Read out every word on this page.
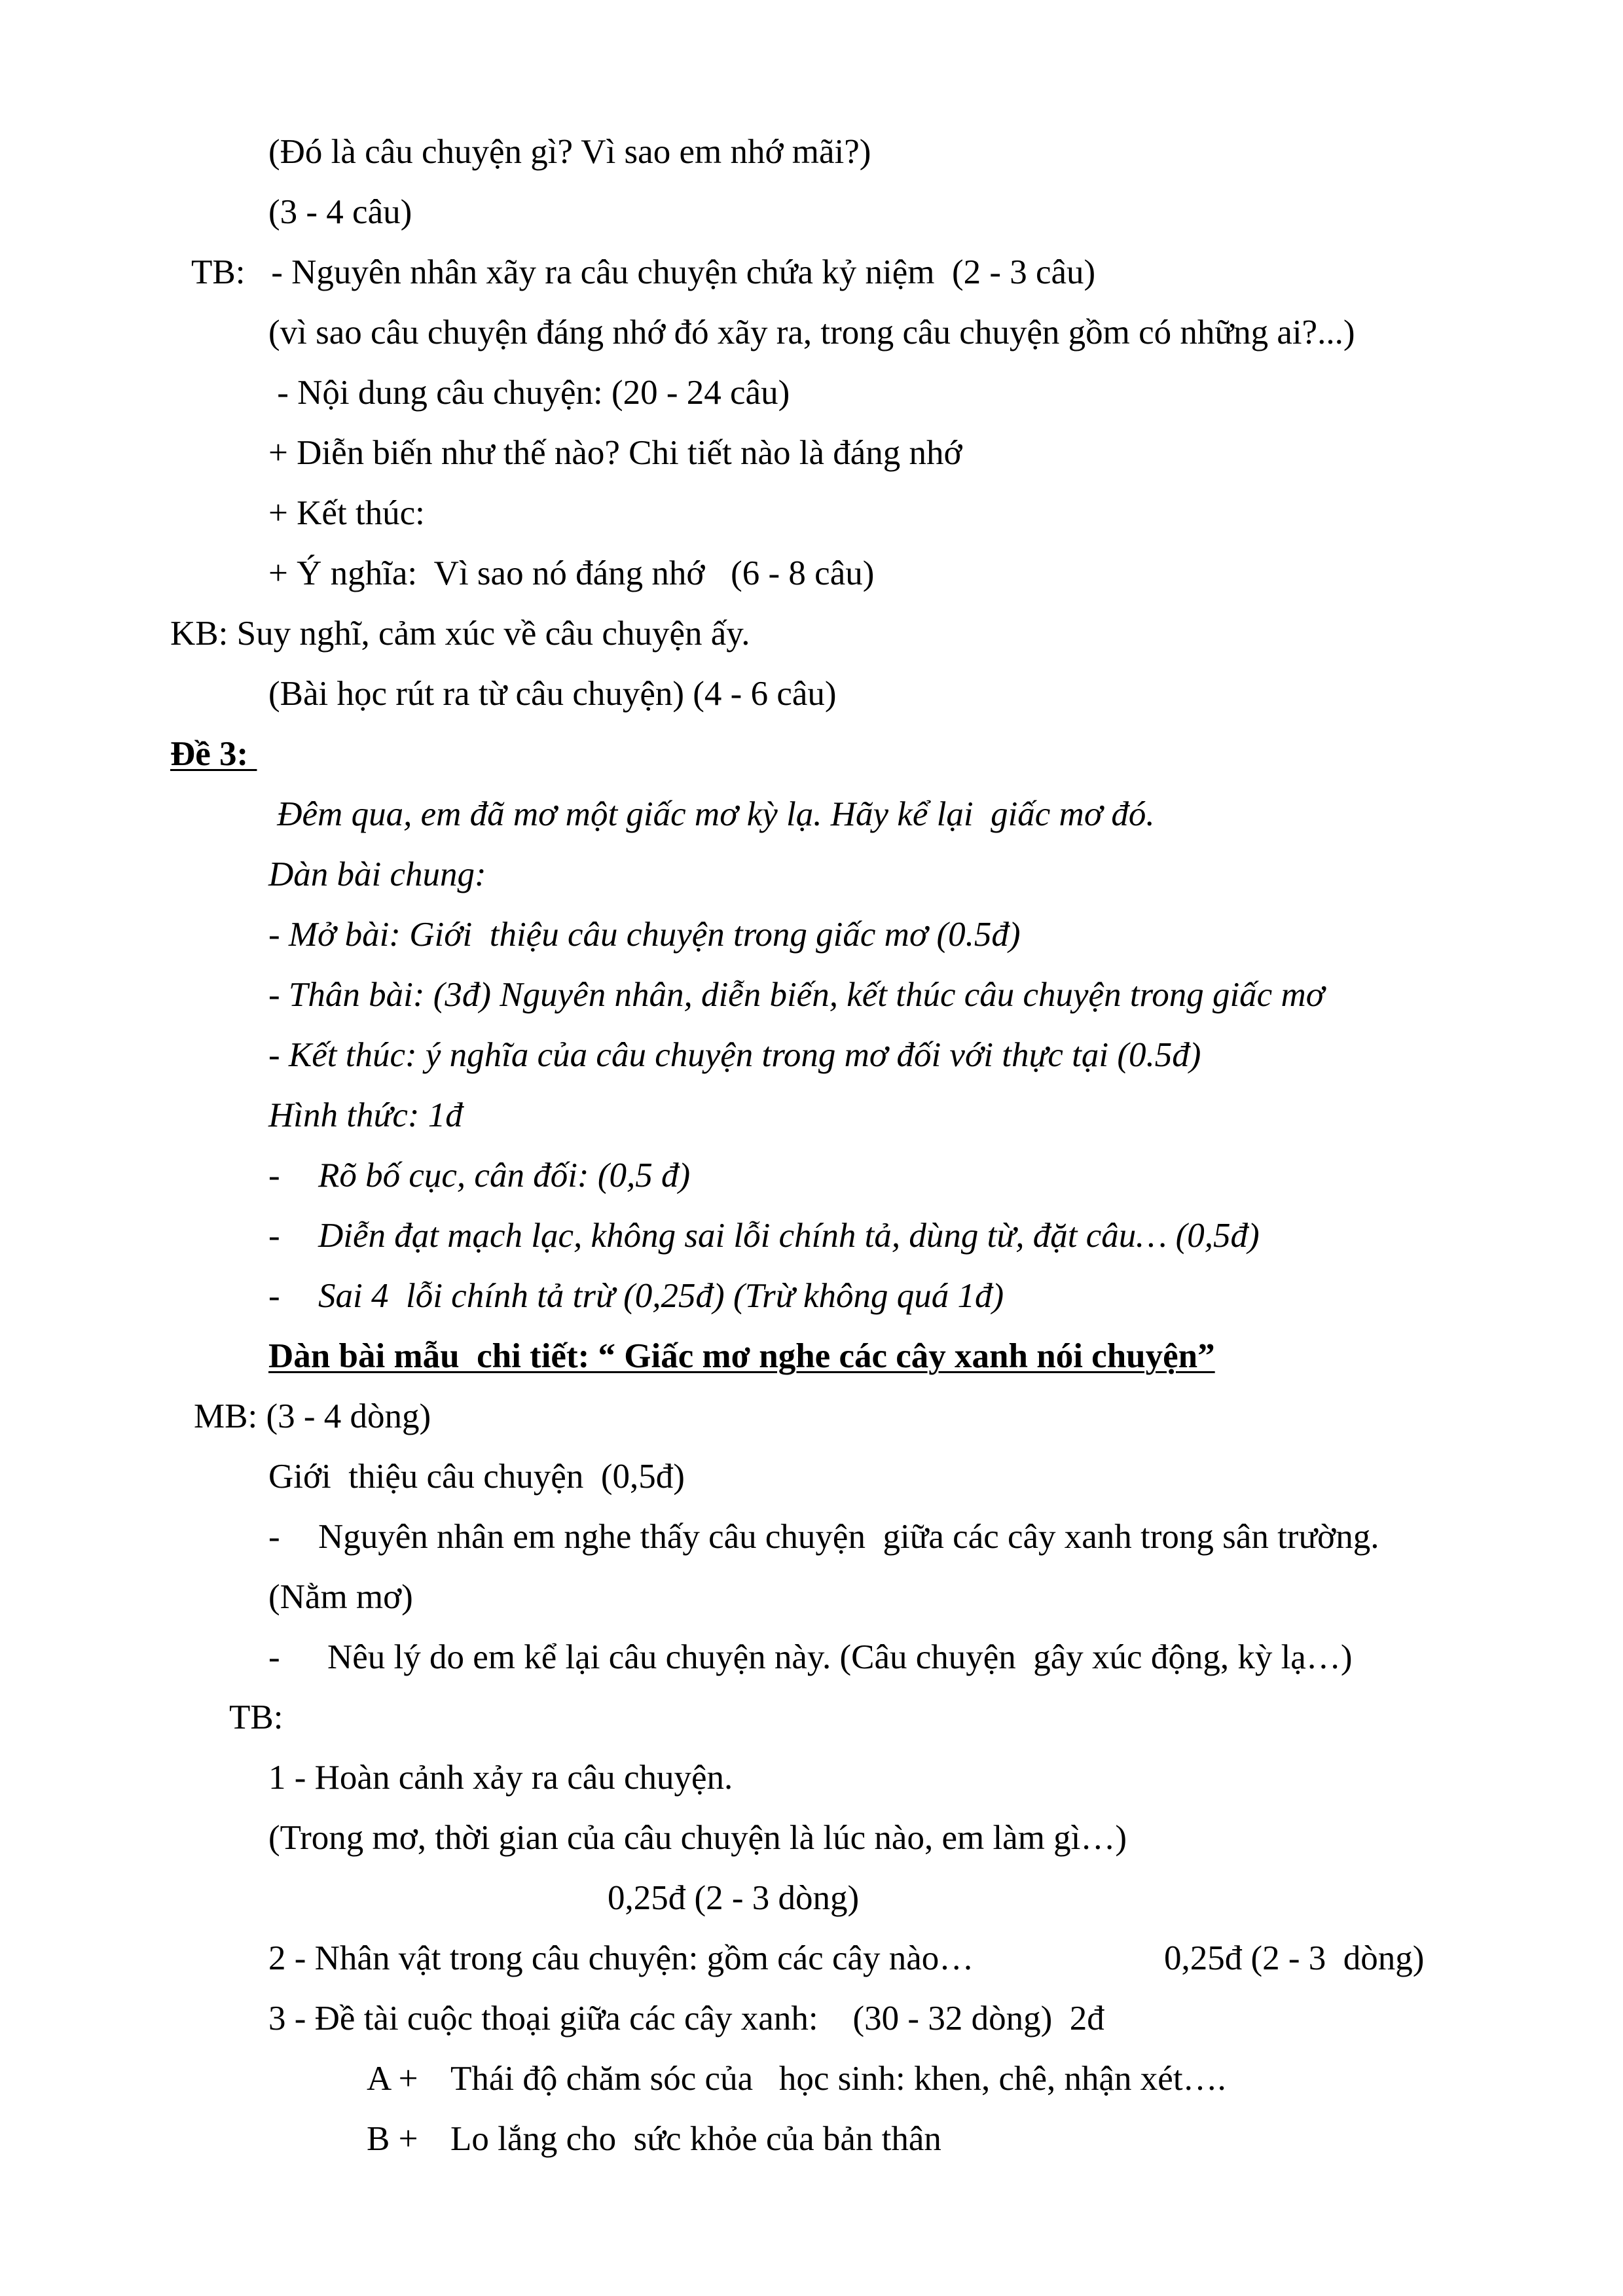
(Đó là câu chuyện gì? Vì sao em nhớ mãi?)

(3 - 4 câu)

TB:   - Nguyên nhân xãy ra câu chuyện chứa kỷ niệm  (2 - 3 câu)

(vì sao câu chuyện đáng nhớ đó xãy ra, trong câu chuyện gồm có những ai?...)

- Nội dung câu chuyện: (20 - 24 câu)

+ Diễn biến như thế nào? Chi tiết nào là đáng nhớ

+ Kết thúc:

+ Ý nghĩa:  Vì sao nó đáng nhớ   (6 - 8 câu)

KB: Suy nghĩ, cảm xúc về câu chuyện ấy.

(Bài học rút ra từ câu chuyện) (4 - 6 câu)

Đề 3:

Đêm qua, em đã mơ một giấc mơ kỳ lạ. Hãy kể lại  giấc mơ đó.

Dàn bài chung:

- Mở bài: Giới  thiệu câu chuyện trong giấc mơ (0.5đ)

- Thân bài: (3đ) Nguyên nhân, diễn biến, kết thúc câu chuyện trong giấc mơ

- Kết thúc: ý nghĩa của câu chuyện trong mơ đối với thực tại (0.5đ)

Hình thức: 1đ

- Rõ bố cục, cân đối: (0,5 đ)

- Diễn đạt mạch lạc, không sai lỗi chính tả, dùng từ, đặt câu… (0,5đ)

- Sai 4  lỗi chính tả trừ (0,25đ) (Trừ không quá 1đ)

Dàn bài mẫu  chi tiết: “ Giấc mơ nghe các cây xanh nói chuyện”

MB: (3 - 4 dòng)

Giới  thiệu câu chuyện  (0,5đ)

- Nguyên nhân em nghe thấy câu chuyện  giữa các cây xanh trong sân trường.

(Nằm mơ)

- Nêu lý do em kể lại câu chuyện này. (Câu chuyện  gây xúc động, kỳ lạ…)

TB:

1 - Hoàn cảnh xảy ra câu chuyện.

(Trong mơ, thời gian của câu chuyện là lúc nào, em làm gì…)

0,25đ (2 - 3 dòng)

2 - Nhân vật trong câu chuyện: gồm các cây nào…	0,25đ (2 - 3  dòng)

3 - Đề tài cuộc thoại giữa các cây xanh:    (30 - 32 dòng)  2đ

A + Thái độ chăm sóc của   học sinh: khen, chê, nhận xét….

B + Lo lắng cho  sức khỏe của bản thân
